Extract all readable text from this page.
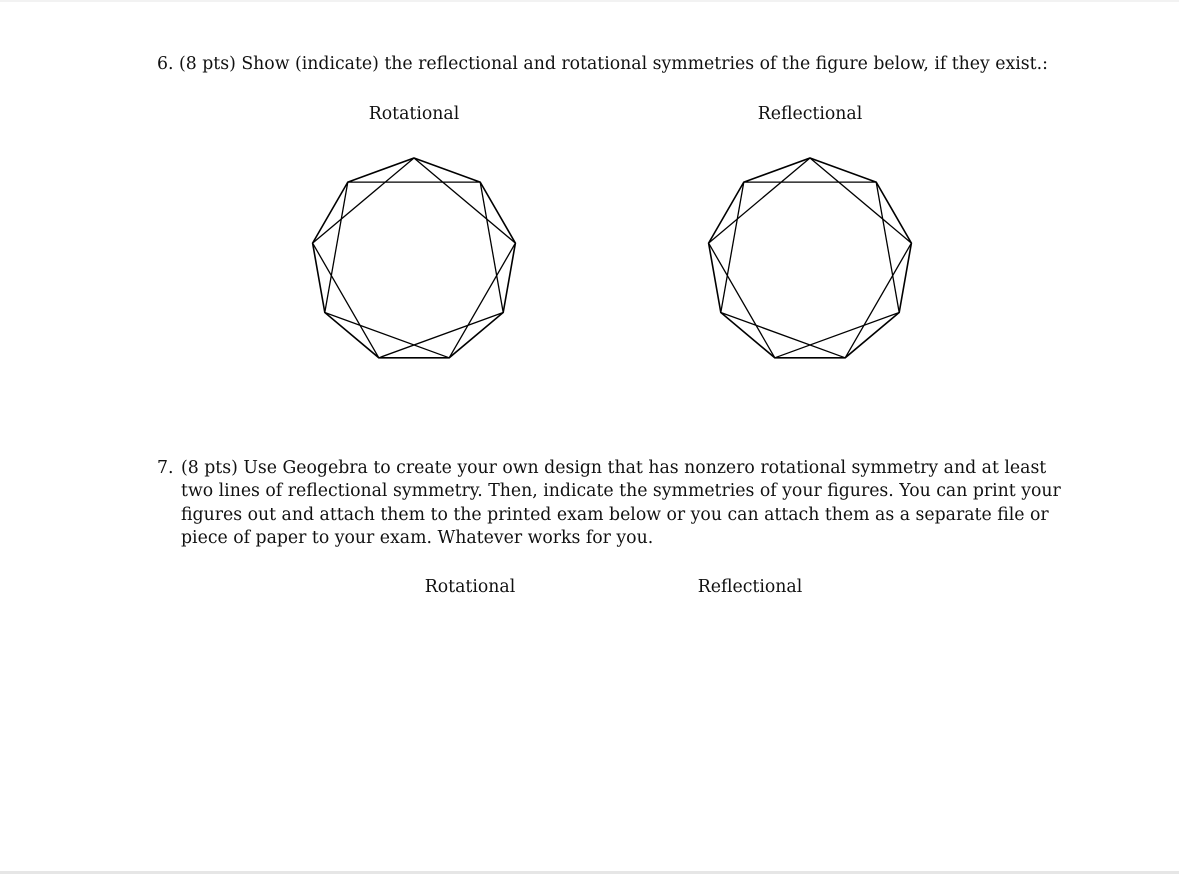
6. (8 pts) Show (indicate) the reflectional and rotational symmetries of the figure below, if they exist.:
Rotational	Reflectional
7. (8 pts) Use Geogebra to create your own design that has nonzero rotational symmetry and at least
two lines of reflectional symmetry. Then, indicate the symmetries of your figures. You can print your
figures out and attach them to the printed exam below or you can attach them as a separate file or
piece of paper to your exam. Whatever works for you.
Rotational	Reflectional
